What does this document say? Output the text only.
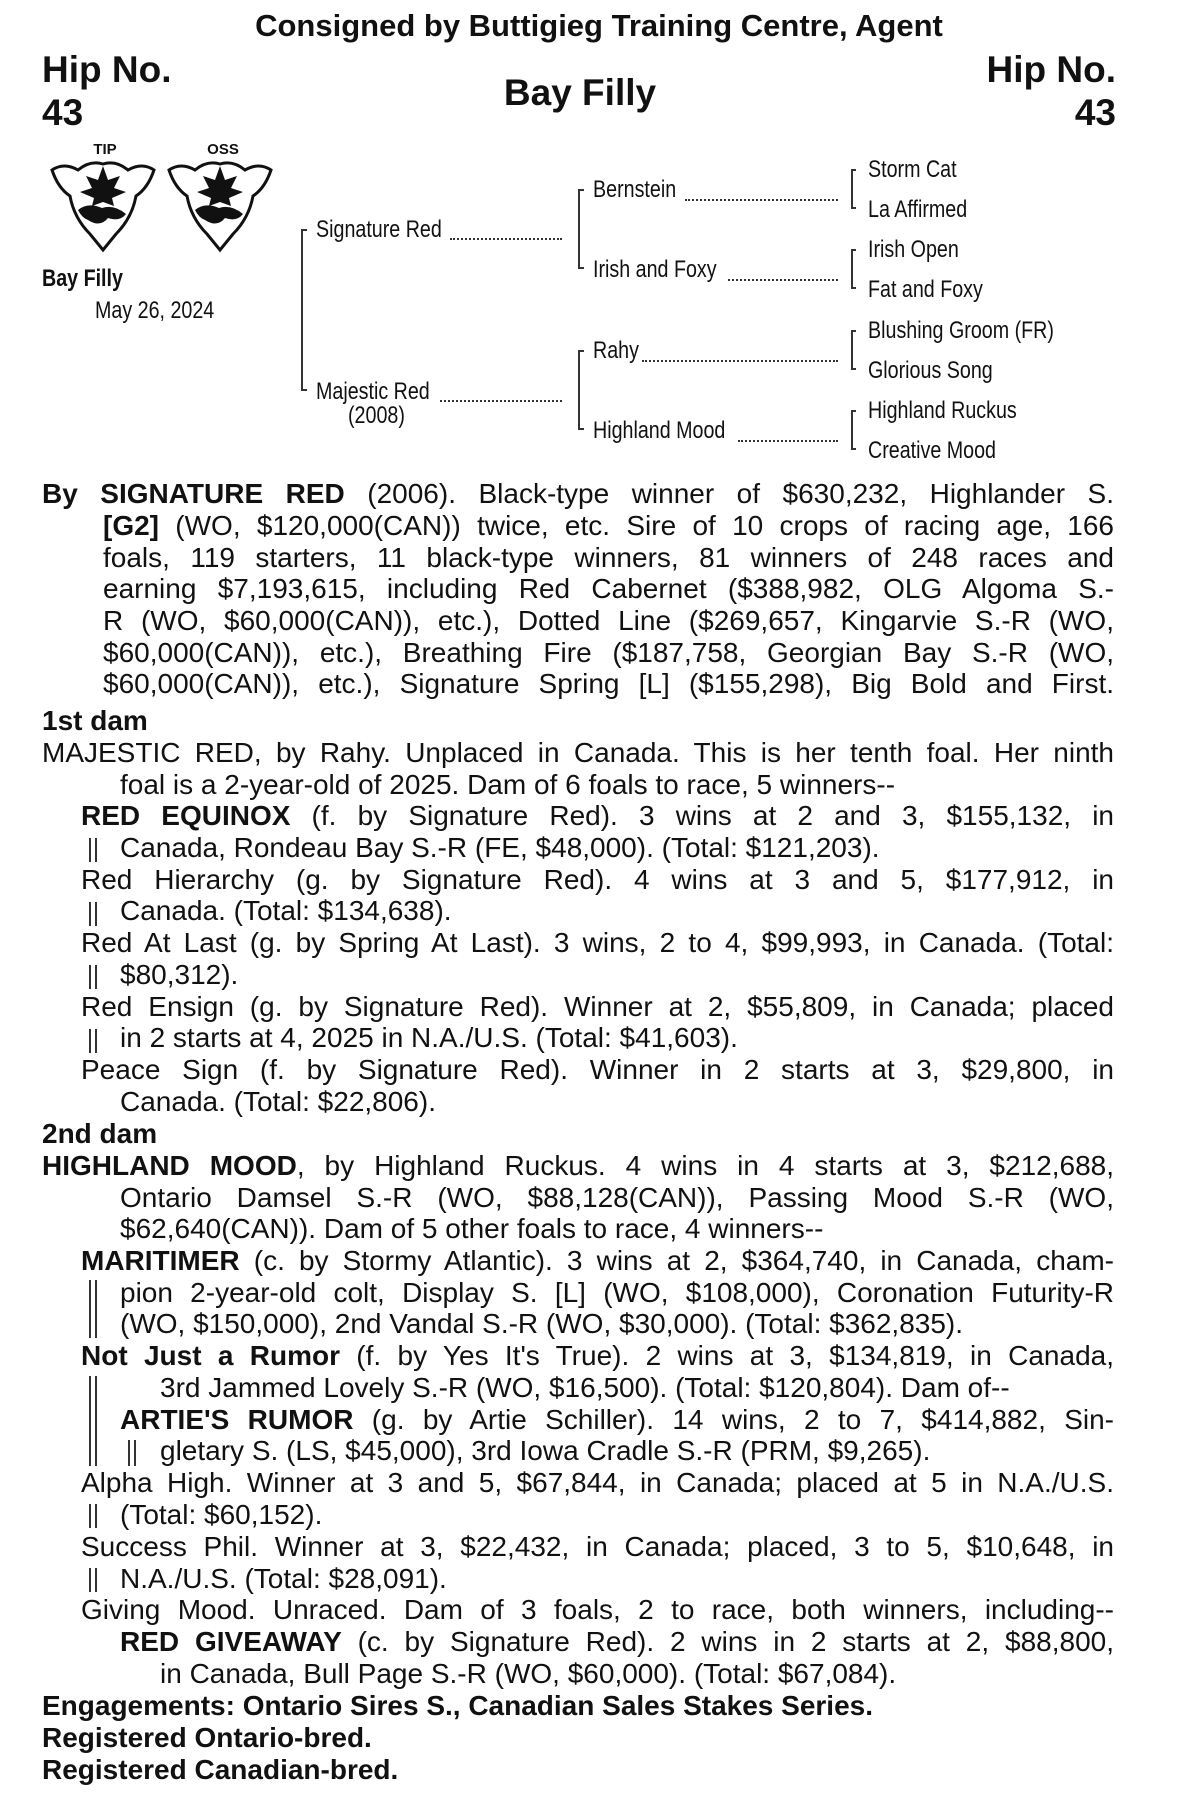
Consigned by Buttigieg Training Centre, Agent
Hip No.
43
Hip No.
43
Bay Filly
TIP	OSS
Bay Filly
May 26, 2024
Signature Red
Majestic Red
(2008)
Bernstein
Irish and Foxy
Rahy
Highland Mood
Storm Cat
La Affirmed
Irish Open
Fat and Foxy
Blushing Groom (FR)
Glorious Song
Highland Ruckus
Creative Mood
By SIGNATURE RED (2006). Black-type winner of $630,232, Highlander S.
[G2] (WO, $120,000(CAN)) twice, etc. Sire of 10 crops of racing age, 166
foals, 119 starters, 11 black-type winners, 81 winners of 248 races and
earning $7,193,615, including Red Cabernet ($388,982, OLG Algoma S.-
R (WO, $60,000(CAN)), etc.), Dotted Line ($269,657, Kingarvie S.-R (WO,
$60,000(CAN)), etc.), Breathing Fire ($187,758, Georgian Bay S.-R (WO,
$60,000(CAN)), etc.), Signature Spring [L] ($155,298), Big Bold and First.
1st dam
MAJESTIC RED, by Rahy. Unplaced in Canada. This is her tenth foal. Her ninth
foal is a 2-year-old of 2025. Dam of 6 foals to race, 5 winners--
RED EQUINOX (f. by Signature Red). 3 wins at 2 and 3, $155,132, in
Canada, Rondeau Bay S.-R (FE, $48,000). (Total: $121,203).
Red Hierarchy (g. by Signature Red). 4 wins at 3 and 5, $177,912, in
Canada. (Total: $134,638).
Red At Last (g. by Spring At Last). 3 wins, 2 to 4, $99,993, in Canada. (Total:
$80,312).
Red Ensign (g. by Signature Red). Winner at 2, $55,809, in Canada; placed
in 2 starts at 4, 2025 in N.A./U.S. (Total: $41,603).
Peace Sign (f. by Signature Red). Winner in 2 starts at 3, $29,800, in
Canada. (Total: $22,806).
2nd dam
HIGHLAND MOOD, by Highland Ruckus. 4 wins in 4 starts at 3, $212,688,
Ontario Damsel S.-R (WO, $88,128(CAN)), Passing Mood S.-R (WO,
$62,640(CAN)). Dam of 5 other foals to race, 4 winners--
MARITIMER (c. by Stormy Atlantic). 3 wins at 2, $364,740, in Canada, cham-
pion 2-year-old colt, Display S. [L] (WO, $108,000), Coronation Futurity-R
(WO, $150,000), 2nd Vandal S.-R (WO, $30,000). (Total: $362,835).
Not Just a Rumor (f. by Yes It's True). 2 wins at 3, $134,819, in Canada,
3rd Jammed Lovely S.-R (WO, $16,500). (Total: $120,804). Dam of--
ARTIE'S RUMOR (g. by Artie Schiller). 14 wins, 2 to 7, $414,882, Sin-
gletary S. (LS, $45,000), 3rd Iowa Cradle S.-R (PRM, $9,265).
Alpha High. Winner at 3 and 5, $67,844, in Canada; placed at 5 in N.A./U.S.
(Total: $60,152).
Success Phil. Winner at 3, $22,432, in Canada; placed, 3 to 5, $10,648, in
N.A./U.S. (Total: $28,091).
Giving Mood. Unraced. Dam of 3 foals, 2 to race, both winners, including--
RED GIVEAWAY (c. by Signature Red). 2 wins in 2 starts at 2, $88,800,
in Canada, Bull Page S.-R (WO, $60,000). (Total: $67,084).
Engagements: Ontario Sires S., Canadian Sales Stakes Series.
Registered Ontario-bred.
Registered Canadian-bred.
